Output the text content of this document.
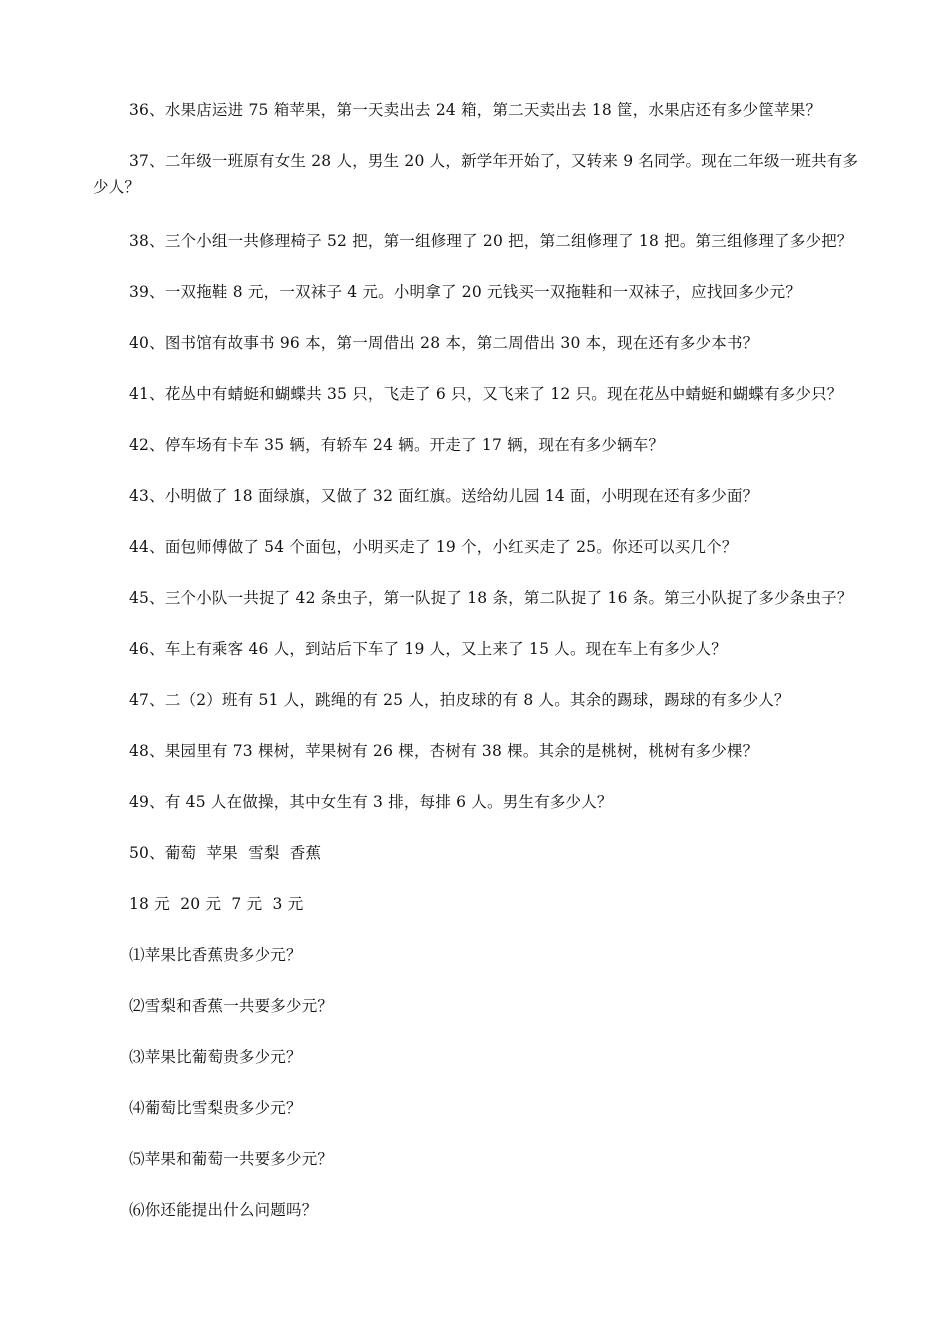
36、水果店运进 75 箱苹果，第一天卖出去 24 箱，第二天卖出去 18 筐，水果店还有多少筐苹果？
37、二年级一班原有女生 28 人，男生 20 人，新学年开始了，又转来 9 名同学。现在二年级一班共有多少人？
38、三个小组一共修理椅子 52 把，第一组修理了 20 把，第二组修理了 18 把。第三组修理了多少把？
39、一双拖鞋 8 元，一双袜子 4 元。小明拿了 20 元钱买一双拖鞋和一双袜子，应找回多少元？
40、图书馆有故事书 96 本，第一周借出 28 本，第二周借出 30 本，现在还有多少本书？
41、花丛中有蜻蜓和蝴蝶共 35 只，飞走了 6 只，又飞来了 12 只。现在花丛中蜻蜓和蝴蝶有多少只？
42、停车场有卡车 35 辆，有轿车 24 辆。开走了 17 辆，现在有多少辆车？
43、小明做了 18 面绿旗，又做了 32 面红旗。送给幼儿园 14 面，小明现在还有多少面？
44、面包师傅做了 54 个面包，小明买走了 19 个，小红买走了 25。你还可以买几个？
45、三个小队一共捉了 42 条虫子，第一队捉了 18 条，第二队捉了 16 条。第三小队捉了多少条虫子？
46、车上有乘客 46 人，到站后下车了 19 人，又上来了 15 人。现在车上有多少人？
47、二（2）班有 51 人，跳绳的有 25 人，拍皮球的有 8 人。其余的踢球，踢球的有多少人？
48、果园里有 73 棵树，苹果树有 26 棵，杏树有 38 棵。其余的是桃树，桃树有多少棵？
49、有 45 人在做操，其中女生有 3 排，每排 6 人。男生有多少人？
50、葡萄  苹果  雪梨  香蕉
18 元  20 元  7 元  3 元
⑴苹果比香蕉贵多少元？
⑵雪梨和香蕉一共要多少元？
⑶苹果比葡萄贵多少元？
⑷葡萄比雪梨贵多少元？
⑸苹果和葡萄一共要多少元？
⑹你还能提出什么问题吗？
